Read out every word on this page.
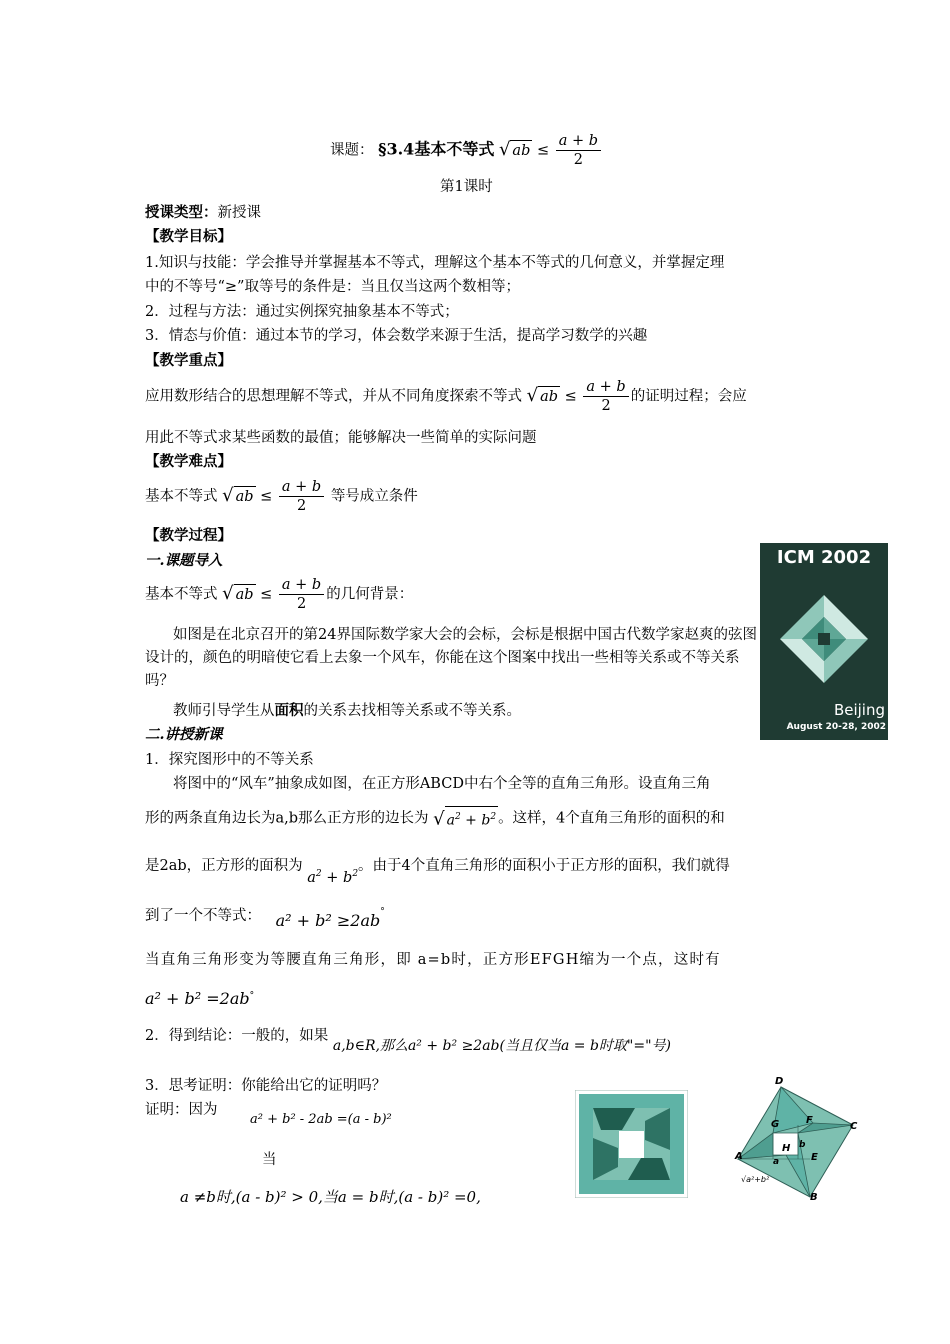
课题： §3.4基本不等式 √ ab ≤ $\frac{a + b}{2}$
第1课时
授课类型：新授课
【教学目标】
1.知识与技能：学会推导并掌握基本不等式，理解这个基本不等式的几何意义，并掌握定理
中的不等号“≥”取等号的条件是：当且仅当这两个数相等；
2．过程与方法：通过实例探究抽象基本不等式；
3．情态与价值：通过本节的学习，体会数学来源于生活，提高学习数学的兴趣
【教学重点】
应用数形结合的思想理解不等式，并从不同角度探索不等式 √ ab ≤ $\frac{a + b}{2}$ 的证明过程；会应
用此不等式求某些函数的最值；能够解决一些简单的实际问题
【教学难点】
基本不等式 √ ab ≤ $\frac{a + b}{2}$ 等号成立条件
【教学过程】
一.课题导入
基本不等式 √ ab ≤ $\frac{a + b}{2}$ 的几何背景：
如图是在北京召开的第24界国际数学家大会的会标，会标是根据中国古代数学家赵爽的弦图设计的，颜色的明暗使它看上去象一个风车，你能在这个图案中找出一些相等关系或不等关系吗？
教师引导学生从面积的关系去找相等关系或不等关系。
ICM 2002
Beijing
August 20-28, 2002
二.讲授新课
1．探究图形中的不等关系
将图中的“风车”抽象成如图，在正方形ABCD中右个全等的直角三角形。设直角三角
形的两条直角边长为a,b那么正方形的边长为 √ $a^2 + b^2$ 。这样，4个直角三角形的面积的和
是2ab，正方形的面积为 $a^2 + b^2$。由于4个直角三角形的面积小于正方形的面积，我们就得
到了一个不等式： a² + b² ≥2ab°
当直角三角形变为等腰直角三角形，即 a=b时，正方形EFGH缩为一个点，这时有
a² + b² =2ab°
2．得到结论：一般的，如果 a,b∈R,那么a² + b² ≥2ab(当且仅当a = b时取"="号)
3．思考证明：你能给出它的证明吗？
证明：因为
a² + b² - 2ab =(a - b)²
当
a ≠b时,(a - b)² > 0,当a = b时,(a - b)² =0,
D
F
G	C
H
A	E
a
b
√a²+b²
B
